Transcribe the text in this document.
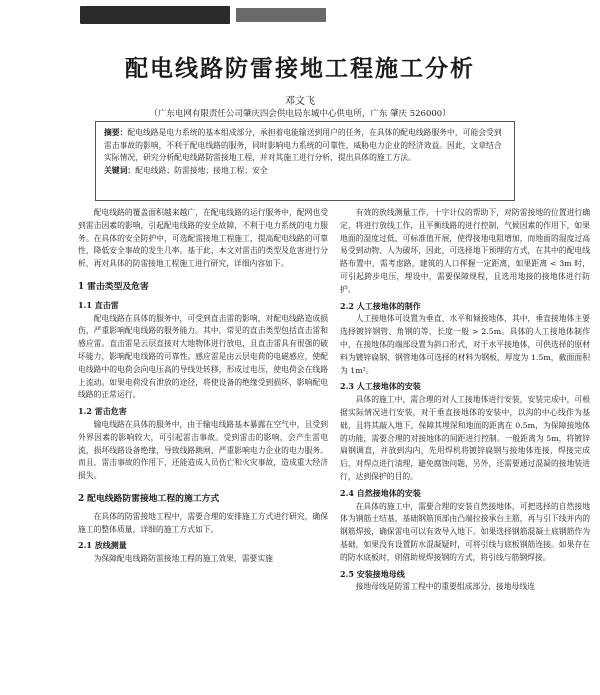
配电线路防雷接地工程施工分析
邓文飞
（广东电网有限责任公司肇庆四会供电局东城中心供电所，广东 肇庆 526000）
摘要：配电线路是电力系统的基本组成部分，承担着电能输送到用户的任务，在具体的配电线路服务中，可能会受到雷击事故的影响，不利于配电线路的服务，同时影响电力系统的可靠性，威胁电力企业的经济效益。因此，文章结合实际情况，研究分析配电线路防雷接地工程，并对其施工进行分析，提出具体的施工方法。
关键词：配电线路；防雷接地；接地工程；安全

配电线路的覆盖面积越来越广，在配电线路的运行服务中，配网也受到雷击因素的影响，引起配电线路的安全故障，不利于电力系统的电力服务。在具体的安全防护中，可选配雷接地工程施工，提高配电线路的可靠性，降低安全事故的发生几率。基于此，本文对雷击的类型及危害进行分析，再对具体的防雷接地工程施工进行研究，详细内容如下。

1 雷击类型及危害
1.1 直击雷

配电线路在具体的服务中，可受到直击雷的影响，对配电线路造成损伤，严重影响配电线路的服务能力。其中，常见的直击类型包括直击雷和感应雷。直击雷是云层直接对大地物体进行放电，且直击雷具有很强的破坏能力，影响配电线路的可靠性。感应雷是由云层电荷的电磁感应，使配电线路中的电荷会向电压高的导线处转移，形成过电压，使电荷会在线路上流动。如果电荷没有泄放的途径，将使设备的绝缘受到损坏，影响配电线路的正常运行。

1.2 雷击危害

输电线路在具体的服务中，由于输电线路基本暴露在空气中，且受到外界因素的影响较大，可引起雷击事故。受到雷击的影响，会产生雷电流，损坏线路设备绝缘，导致线路跳闸，严重影响电力企业的电力服务。而且，雷击事故的作用下，还能造成人员伤亡和火灾事故，造成重大经济损失。

2 配电线路防雷接地工程的施工方式

在具体的防雷接地工程中，需要合理的安排施工方式进行研究，确保施工的整体质量，详细的施工方式如下。

2.1 放线测量

为保障配电线路防雷接地工程的施工效果，需要实施

有效的放线测量工作，十字计仪的帮助下，对防雷接地的位置进行确定，将进行放线工作，且平衡线路的进行控制，气候因素的作用下，如果地面的湿度过低，可标准值开展，使得接地电阻增加，而地面的湿度过高易受到动物、人为破坏，因此，可选择地下预埋的方式，在其中的配电线路布置中，需考虑路，建筑的人口挥握一定距离，如果距离 < 3m 时，可引起跨步电压，埋设中，需要保障规程，且选用地接的接地体进行防护。

2.2 人工接地体的制作

人工接地体可设置为垂直、水平和倾接地体，其中，垂直接地体主要选择镀锌钢管、角钢的等，长度一般 > 2.5m。具体的人工接地体制作中，在接地体的端部设置为斜口形式，对于水平接地体，可供选择的原材料为镀锌扁钢、钢管地体可选择的材料为钢板，厚度为 1.5m，截面面积为 1m²。

2.3 人工接地体的安装

具体的施工中，需合理的对人工接地体进行安装，安装完成中，可根据实际情况进行安装，对于垂直接地体的安装中，以沟的中心线作为基础，且将其敲入地下，保障其埋深和地面的距离在 0.5m，为保障接地体的功能，需要合理的对接地体的间距进行控制。一般距离为 5m，将镀锌扁钢调直，并放到沟内，先用焊机将镀锌扁钢与接地体连接，焊接完成后，对焊点进行清理，避免腐蚀问题，另外，还需要通过混凝的接地装进行，达到保护的目的。

2.4 自然接地体的安装

在具体的施工中，需要合理的安装自然接地体，可把选择的自然接地体为钢筋土结基，基础钢筋顶部由凸端拉接承台主筋，再与引下线并内的钢筋焊接，确保雷电可以有效导入地下。如果选择钢筋混凝土底钢筋作为基础，如果没有设置防水混凝疑时，可将引线与底板钢筋连接。如果存在的防水底板时，则借助规焊接钢的方式，将引线与筋钢焊接。

2.5 安装接地母线

接地母线是防雷工程中的重要组成部分，接地母线连
